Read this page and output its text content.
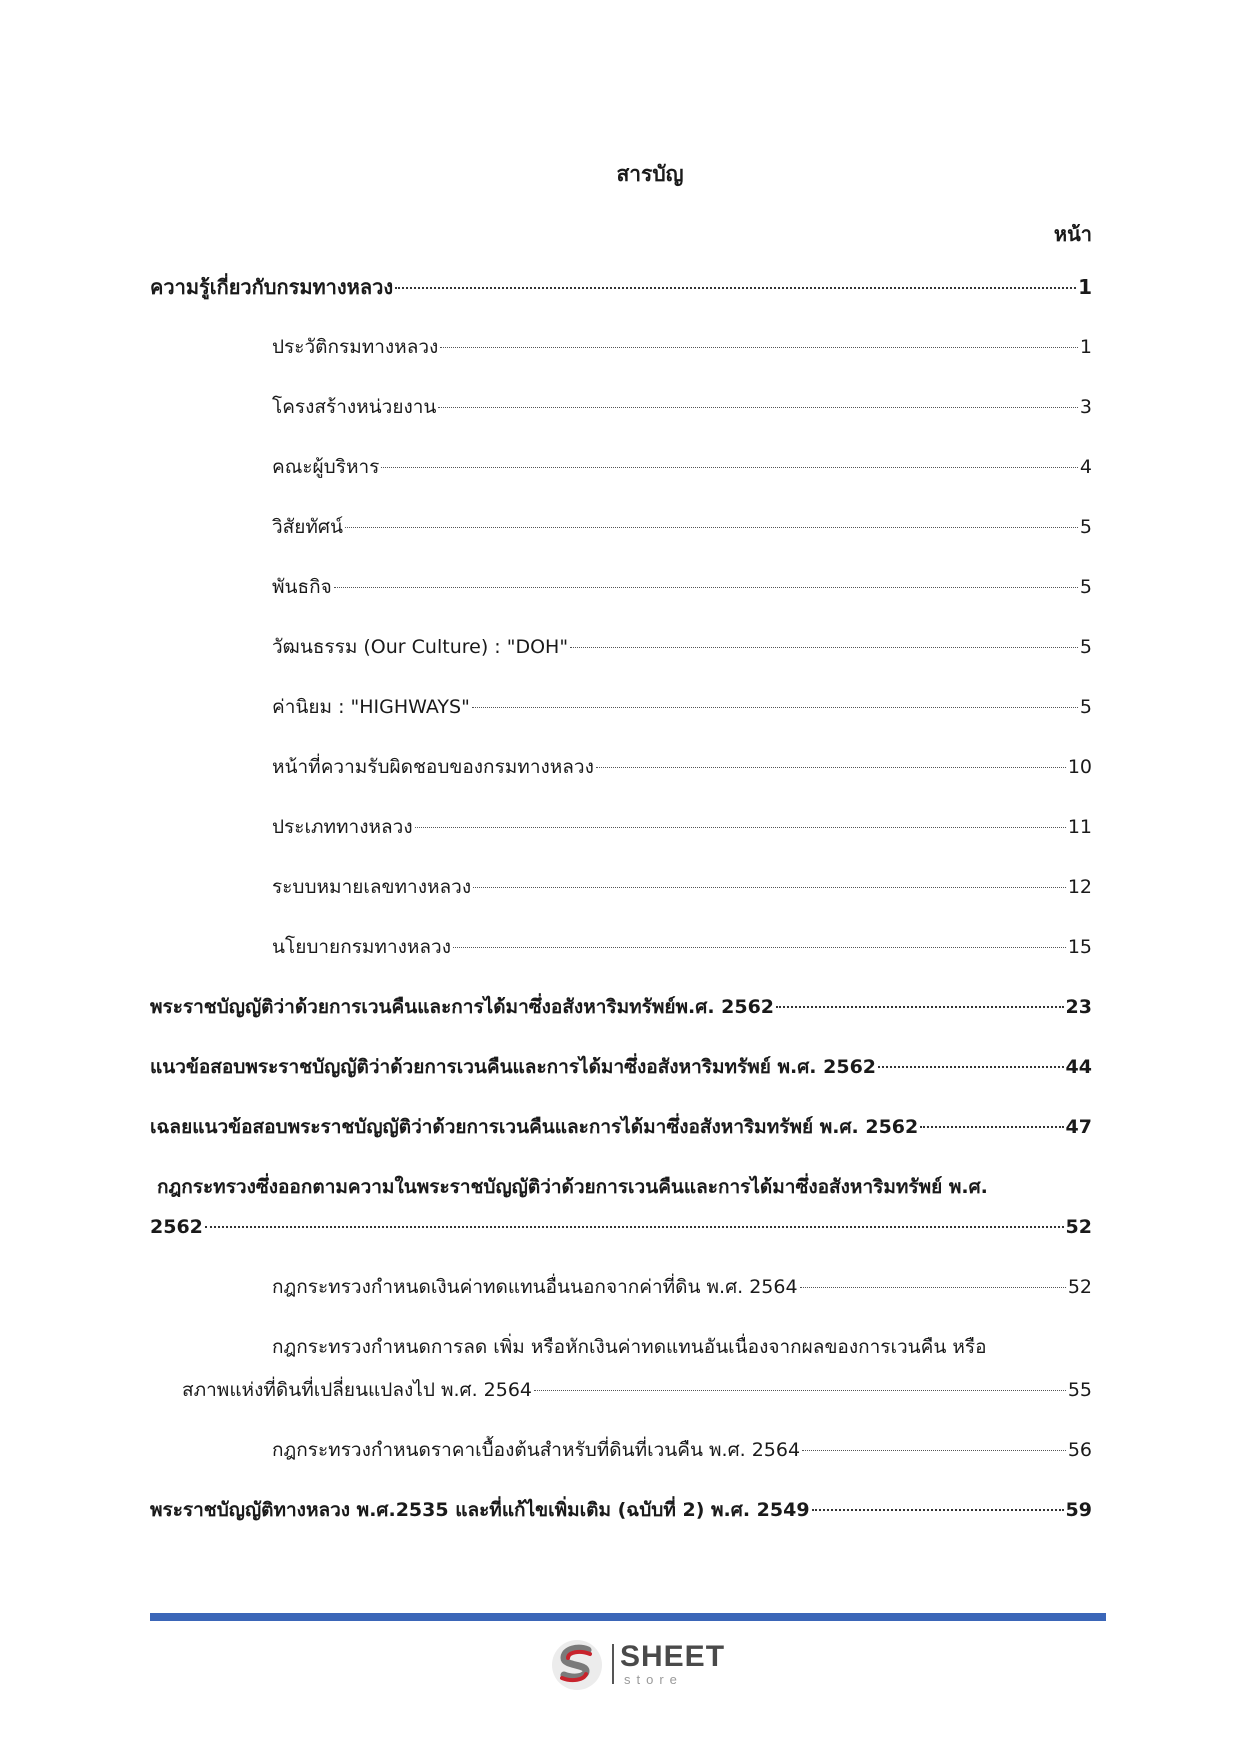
สารบัญ
หน้า
ความรู้เกี่ยวกับกรมทางหลวง	1
ประวัติกรมทางหลวง	1
โครงสร้างหน่วยงาน	3
คณะผู้บริหาร	4
วิสัยทัศน์	5
พันธกิจ	5
วัฒนธรรม (Our Culture) : "DOH"	5
ค่านิยม : "HIGHWAYS"	5
หน้าที่ความรับผิดชอบของกรมทางหลวง	10
ประเภททางหลวง	11
ระบบหมายเลขทางหลวง	12
นโยบายกรมทางหลวง	15
พระราชบัญญัติว่าด้วยการเวนคืนและการได้มาซึ่งอสังหาริมทรัพย์พ.ศ. 2562	23
แนวข้อสอบพระราชบัญญัติว่าด้วยการเวนคืนและการได้มาซึ่งอสังหาริมทรัพย์ พ.ศ. 2562	44
เฉลยแนวข้อสอบพระราชบัญญัติว่าด้วยการเวนคืนและการได้มาซึ่งอสังหาริมทรัพย์ พ.ศ. 2562	47
กฎกระทรวงซึ่งออกตามความในพระราชบัญญัติว่าด้วยการเวนคืนและการได้มาซึ่งอสังหาริมทรัพย์ พ.ศ.
2562	52
กฎกระทรวงกำหนดเงินค่าทดแทนอื่นนอกจากค่าที่ดิน พ.ศ. 2564	52
กฎกระทรวงกำหนดการลด เพิ่ม หรือหักเงินค่าทดแทนอันเนื่องจากผลของการเวนคืน หรือ
สภาพแห่งที่ดินที่เปลี่ยนแปลงไป พ.ศ. 2564	55
กฎกระทรวงกำหนดราคาเบื้องต้นสำหรับที่ดินที่เวนคืน พ.ศ. 2564	56
พระราชบัญญัติทางหลวง พ.ศ.2535 และที่แก้ไขเพิ่มเติม (ฉบับที่ 2) พ.ศ. 2549	59
SHEET
store
